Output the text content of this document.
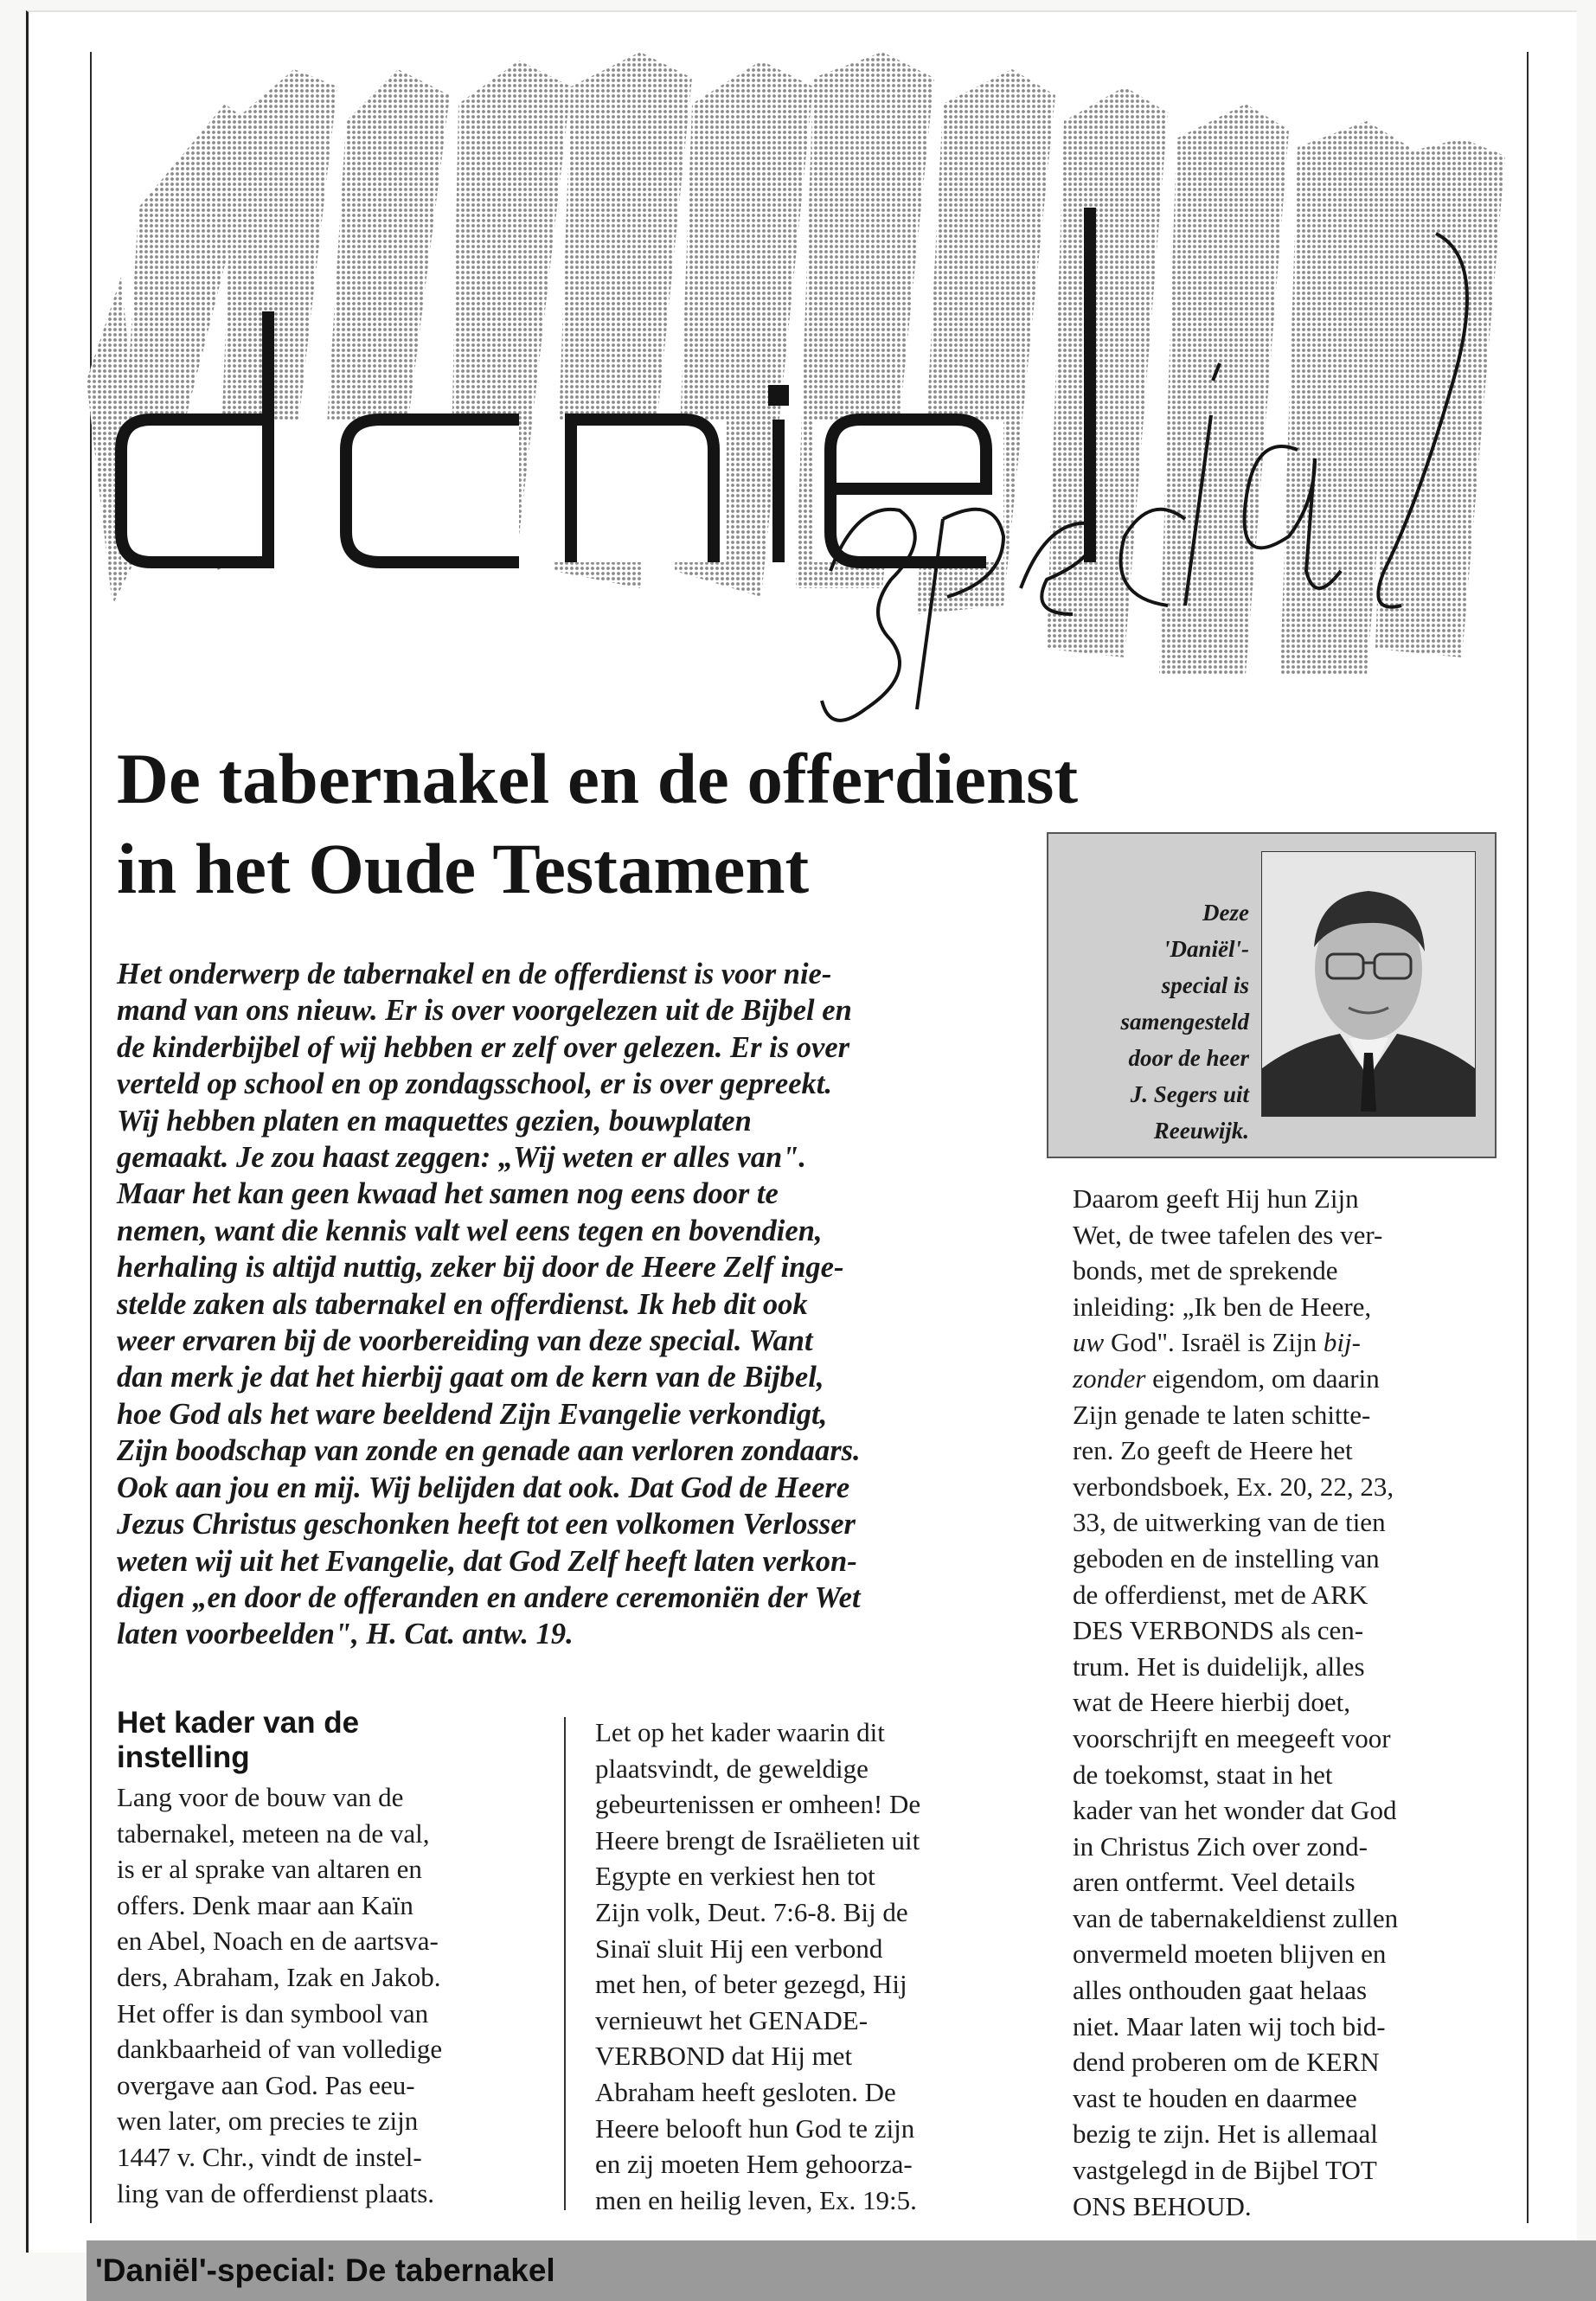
De tabernakel en de offerdienst
in het Oude Testament

Het onderwerp de tabernakel en de offerdienst is voor nie-
mand van ons nieuw. Er is over voorgelezen uit de Bijbel en
de kinderbijbel of wij hebben er zelf over gelezen. Er is over
verteld op school en op zondagsschool, er is over gepreekt.
Wij hebben platen en maquettes gezien, bouwplaten
gemaakt. Je zou haast zeggen: „Wij weten er alles van".
Maar het kan geen kwaad het samen nog eens door te
nemen, want die kennis valt wel eens tegen en bovendien,
herhaling is altijd nuttig, zeker bij door de Heere Zelf inge-
stelde zaken als tabernakel en offerdienst. Ik heb dit ook
weer ervaren bij de voorbereiding van deze special. Want
dan merk je dat het hierbij gaat om de kern van de Bijbel,
hoe God als het ware beeldend Zijn Evangelie verkondigt,
Zijn boodschap van zonde en genade aan verloren zondaars.
Ook aan jou en mij. Wij belijden dat ook. Dat God de Heere
Jezus Christus geschonken heeft tot een volkomen Verlosser
weten wij uit het Evangelie, dat God Zelf heeft laten verkon-
digen „en door de offeranden en andere ceremoniën der Wet
laten voorbeelden", H. Cat. antw. 19.

Deze
'Daniël'-
special is
samengesteld
door de heer
J. Segers uit
Reeuwijk.
Het kader van de
instelling

Lang voor de bouw van de
tabernakel, meteen na de val,
is er al sprake van altaren en
offers. Denk maar aan Kaïn
en Abel, Noach en de aartsva-
ders, Abraham, Izak en Jakob.
Het offer is dan symbool van
dankbaarheid of van volledige
overgave aan God. Pas eeu-
wen later, om precies te zijn
1447 v. Chr., vindt de instel-
ling van de offerdienst plaats.

Let op het kader waarin dit
plaatsvindt, de geweldige
gebeurtenissen er omheen! De
Heere brengt de Israëlieten uit
Egypte en verkiest hen tot
Zijn volk, Deut. 7:6-8. Bij de
Sinaï sluit Hij een verbond
met hen, of beter gezegd, Hij
vernieuwt het GENADE-
VERBOND dat Hij met
Abraham heeft gesloten. De
Heere belooft hun God te zijn
en zij moeten Hem gehoorza-
men en heilig leven, Ex. 19:5.

Daarom geeft Hij hun Zijn
Wet, de twee tafelen des ver-
bonds, met de sprekende
inleiding: „Ik ben de Heere,
uw God". Israël is Zijn bij-
zonder eigendom, om daarin
Zijn genade te laten schitte-
ren. Zo geeft de Heere het
verbondsboek, Ex. 20, 22, 23,
33, de uitwerking van de tien
geboden en de instelling van
de offerdienst, met de ARK
DES VERBONDS als cen-
trum. Het is duidelijk, alles
wat de Heere hierbij doet,
voorschrijft en meegeeft voor
de toekomst, staat in het
kader van het wonder dat God
in Christus Zich over zond-
aren ontfermt. Veel details
van de tabernakeldienst zullen
onvermeld moeten blijven en
alles onthouden gaat helaas
niet. Maar laten wij toch bid-
dend proberen om de KERN
vast te houden en daarmee
bezig te zijn. Het is allemaal
vastgelegd in de Bijbel TOT
ONS BEHOUD.

'Daniël'-special: De tabernakel
